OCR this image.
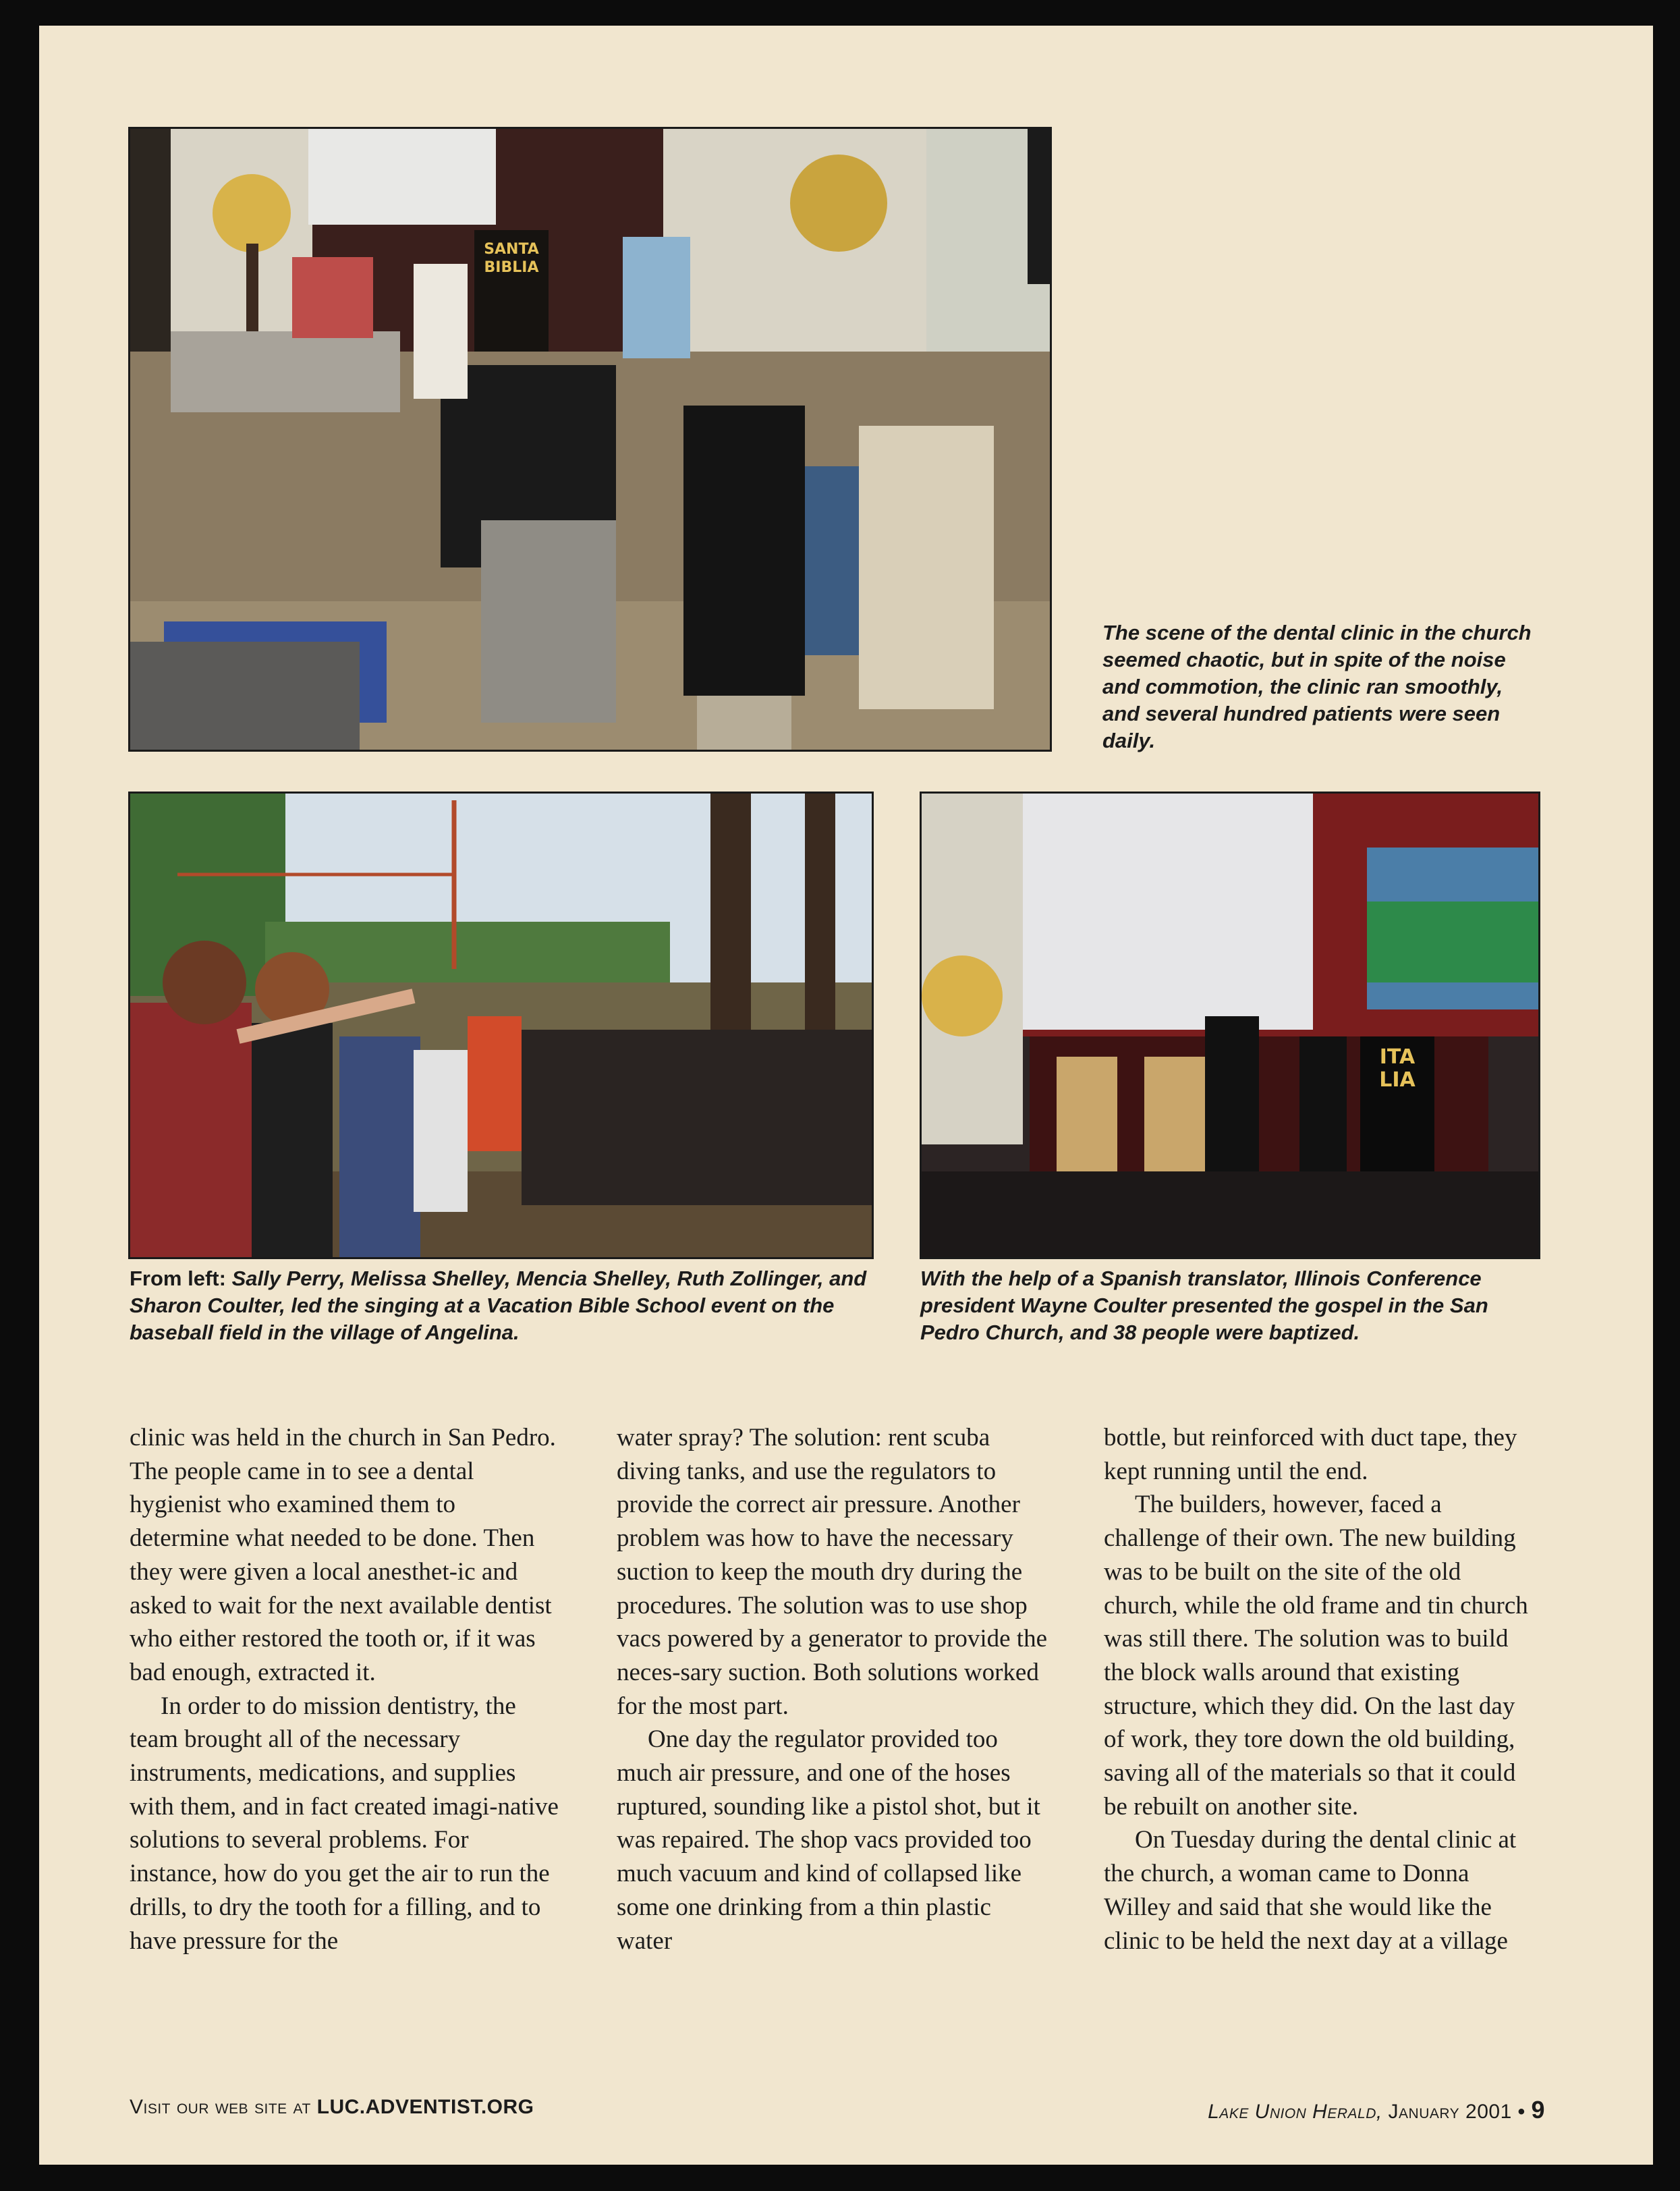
SANTA
BIBLIA
The scene of the dental clinic in the church seemed chaotic, but in spite of the noise and commotion, the clinic ran smoothly, and several hundred patients were seen daily.
ITA
LIA
From left: Sally Perry, Melissa Shelley, Mencia Shelley, Ruth Zollinger, and Sharon Coulter, led the singing at a Vacation Bible School event on the baseball field in the village of Angelina.
With the help of a Spanish translator, Illinois Conference president Wayne Coulter presented the gospel in the San Pedro Church, and 38 people were baptized.

clinic was held in the church in San Pedro. The people came in to see a dental hygienist who examined them to determine what needed to be done. Then they were given a local anesthet-ic and asked to wait for the next available dentist who either restored the tooth or, if it was bad enough, extracted it.

In order to do mission dentistry, the team brought all of the necessary instruments, medications, and supplies with them, and in fact created imagi-native solutions to several problems. For instance, how do you get the air to run the drills, to dry the tooth for a filling, and to have pressure for the

water spray? The solution: rent scuba diving tanks, and use the regulators to provide the correct air pressure. Another problem was how to have the necessary suction to keep the mouth dry during the procedures. The solution was to use shop vacs powered by a generator to provide the neces-sary suction. Both solutions worked for the most part.

One day the regulator provided too much air pressure, and one of the hoses ruptured, sounding like a pistol shot, but it was repaired. The shop vacs provided too much vacuum and kind of collapsed like some one drinking from a thin plastic water

bottle, but reinforced with duct tape, they kept running until the end.

The builders, however, faced a challenge of their own. The new building was to be built on the site of the old church, while the old frame and tin church was still there. The solution was to build the block walls around that existing structure, which they did. On the last day of work, they tore down the old building, saving all of the materials so that it could be rebuilt on another site.

On Tuesday during the dental clinic at the church, a woman came to Donna Willey and said that she would like the clinic to be held the next day at a village

Visit our web site at LUC.ADVENTIST.ORG	Lake Union Herald, January 2001 • 9
